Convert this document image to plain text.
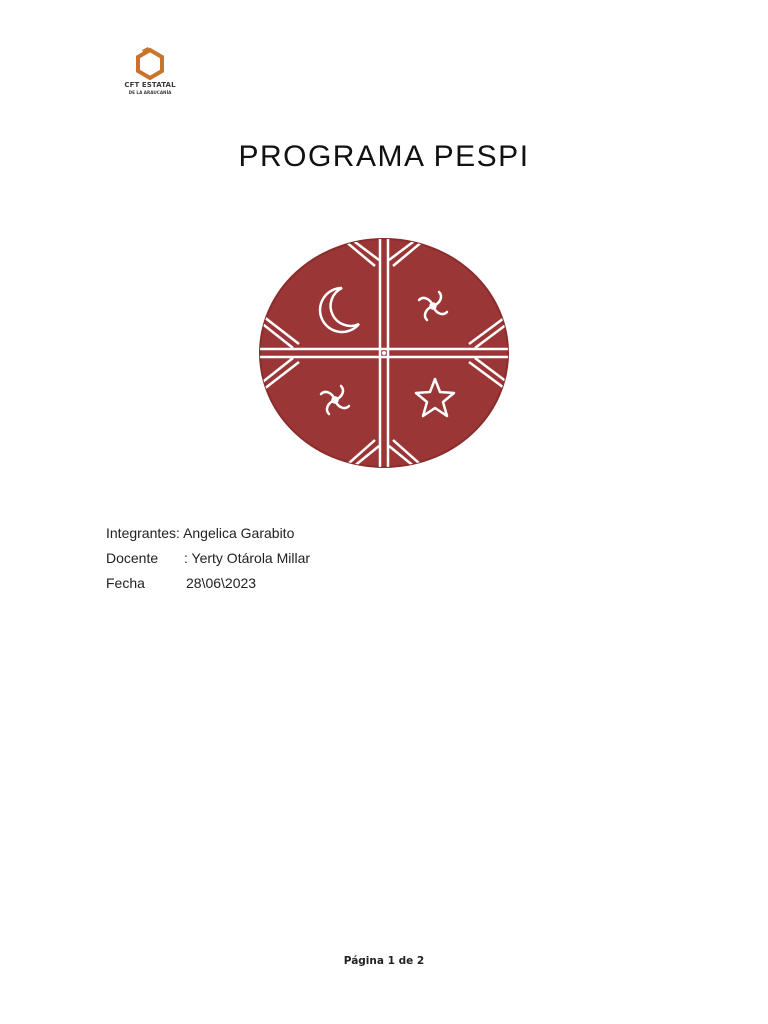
CFT ESTATAL
DE LA ARAUCANÍA
PROGRAMA PESPI
Integrantes: Angelica Garabito
Docente : Yerty Otárola Millar
Fecha	28\06\2023
Página 1 de 2
